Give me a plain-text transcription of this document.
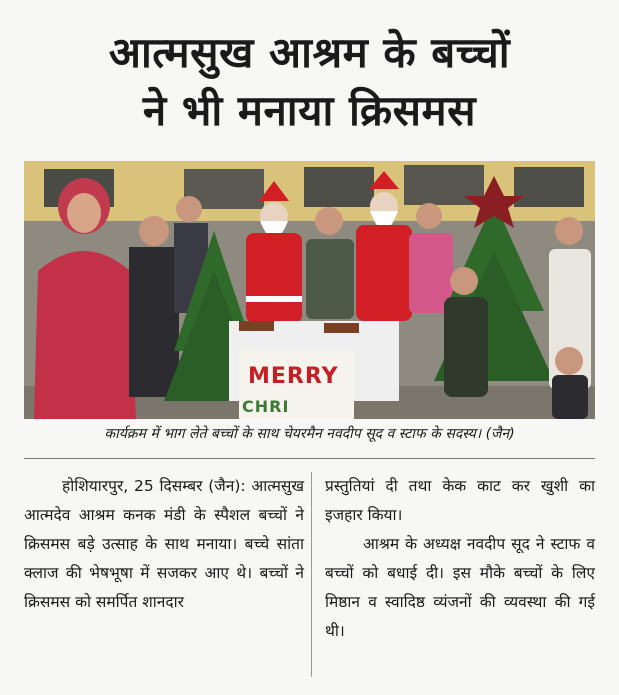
आत्मसुख आश्रम के बच्चों
ने भी मनाया क्रिसमस
MERRY
CHRI
कार्यक्रम में भाग लेते बच्चों के साथ चेयरमैन नवदीप सूद व स्टाफ के सदस्य। (जैन)

होशियारपुर, 25 दिसम्बर (जैन): आत्मसुख आत्मदेव आश्रम कनक मंडी के स्पैशल बच्चों ने क्रिसमस बड़े उत्साह के साथ मनाया। बच्चे सांता क्लाज की भेषभूषा में सजकर आए थे। बच्चों ने क्रिसमस को समर्पित शानदार

प्रस्तुतियां दी तथा केक काट कर खुशी का इजहार किया।

आश्रम के अध्यक्ष नवदीप सूद ने स्टाफ व बच्चों को बधाई दी। इस मौके बच्चों के लिए मिष्ठान व स्वादिष्ठ व्यंजनों की व्यवस्था की गई थी।
